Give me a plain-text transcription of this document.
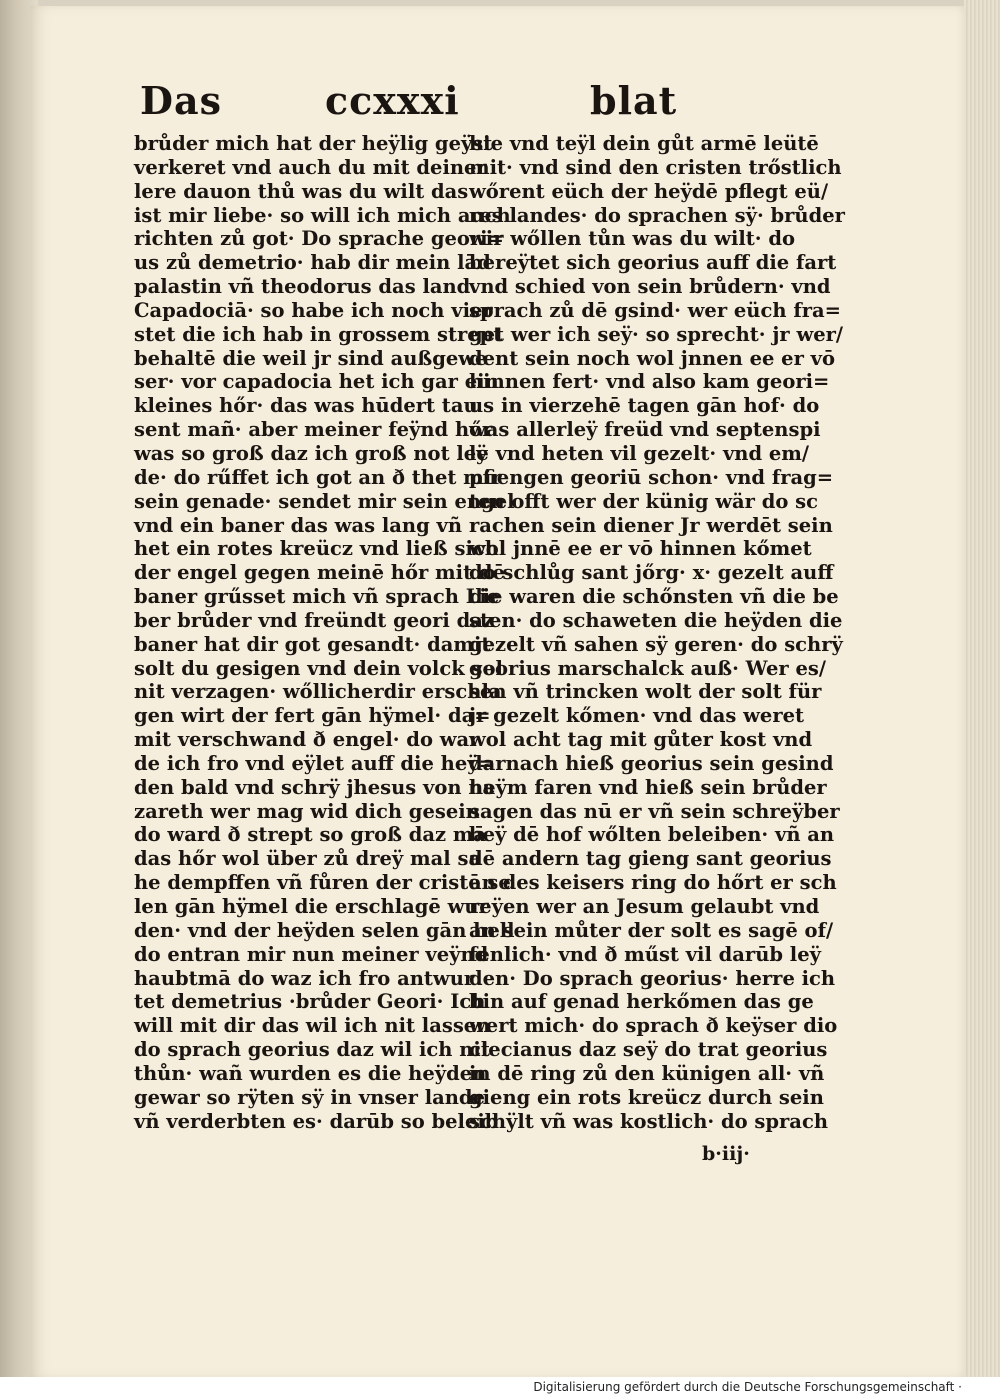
Das	ccxxxi	blat
brůder mich hat der heÿlig geÿst
verkeret vnd auch du mit deiner
lere dauon thů was du wilt das
ist mir liebe· so will ich mich auch
richten zů got· Do sprache geori=
us zů demetrio· hab dir mein lād
palastin vñ theodorus das land
Capadociā· so habe ich noch vier
stet die ich hab in grossem strept
behaltē die weil jr sind außgewe
ser· vor capadocia het ich gar ein
kleines hőr· das was hūdert tau
sent mañ· aber meiner feÿnd hőr
was so groß daz ich groß not leÿ
de· do rűffet ich got an ð thet mir
sein genade· sendet mir sein engel
vnd ein baner das was lang vñ
het ein rotes kreücz vnd ließ sich
der engel gegen meinē hőr mit dē
baner grűsset mich vñ sprach Lie
ber brůder vnd freündt geori daz
baner hat dir got gesandt· damit
solt du gesigen vnd dein volck sol
nit verzagen· wőllicherdir erschla
gen wirt der fert gān hÿmel· da=
mit verschwand ð engel· do war
de ich fro vnd eÿlet auff die heÿ=
den bald vnd schrÿ jhesus von na
zareth wer mag wid dich gesein
do ward ð strept so groß daz mā
das hőr wol über zů dreÿ mal sa
he dempffen vñ fůren der cristē se
len gān hÿmel die erschlagē wur
den· vnd der heÿden selen gān hell
do entran mir nun meiner veÿnd
haubtmā do waz ich fro antwur
tet demetrius ·brůder Geori· Ich
will mit dir das wil ich nit lassen
do sprach georius daz wil ich nit
thůn· wañ wurden es die heÿden
gewar so rÿten sÿ in vnser lande
vñ verderbten es· darūb so beleib
hie vnd teÿl dein gůt armē leütē
mit· vnd sind den cristen trőstlich
wőrent eüch der heÿdē pflegt eü/
res landes· do sprachen sÿ· brůder
wir wőllen tůn was du wilt· do
bereÿtet sich georius auff die fart
vnd schied von sein brůdern· vnd
sprach zů dē gsind· wer eüch fra=
get wer ich seÿ· so sprecht· jr wer/
dent sein noch wol jnnen ee er vō
hinnen fert· vnd also kam geori=
us in vierzehē tagen gān hof· do
was allerleÿ freüd vnd septenspi
le vnd heten vil gezelt· vnd em/
pfiengen georiū schon· vnd frag=
ten offt wer der künig wär do sc
rachen sein diener Jr werdēt sein
wol jnnē ee er vō hinnen kőmet
do schlůg sant jőrg· x· gezelt auff
die waren die schőnsten vñ die be
sten· do schaweten die heÿden die
gezelt vñ sahen sÿ geren· do schrÿ
georius marschalck auß· Wer es/
sen vñ trincken wolt der solt für
jr gezelt kőmen· vnd das weret
wol acht tag mit gůter kost vnd
darnach hieß georius sein gesind
heÿm faren vnd hieß sein brůder
sagen das nū er vñ sein schreÿber
beÿ dē hof wőlten beleiben· vñ an
dē andern tag gieng sant georius
an des keisers ring do hőrt er sch
reÿen wer an Jesum gelaubt vnd
an sein můter der solt es sagē of/
fenlich· vnd ð műst vil darūb leÿ
den· Do sprach georius· herre ich
bin auf genad herkőmen das ge
wert mich· do sprach ð keÿser dio
clecianus daz seÿ do trat georius
in dē ring zů den künigen all· vñ
gieng ein rots kreücz durch sein
schÿlt vñ was kostlich· do sprach
b·iij·
Digitalisierung gefördert durch die Deutsche Forschungsgemeinschaft ·
